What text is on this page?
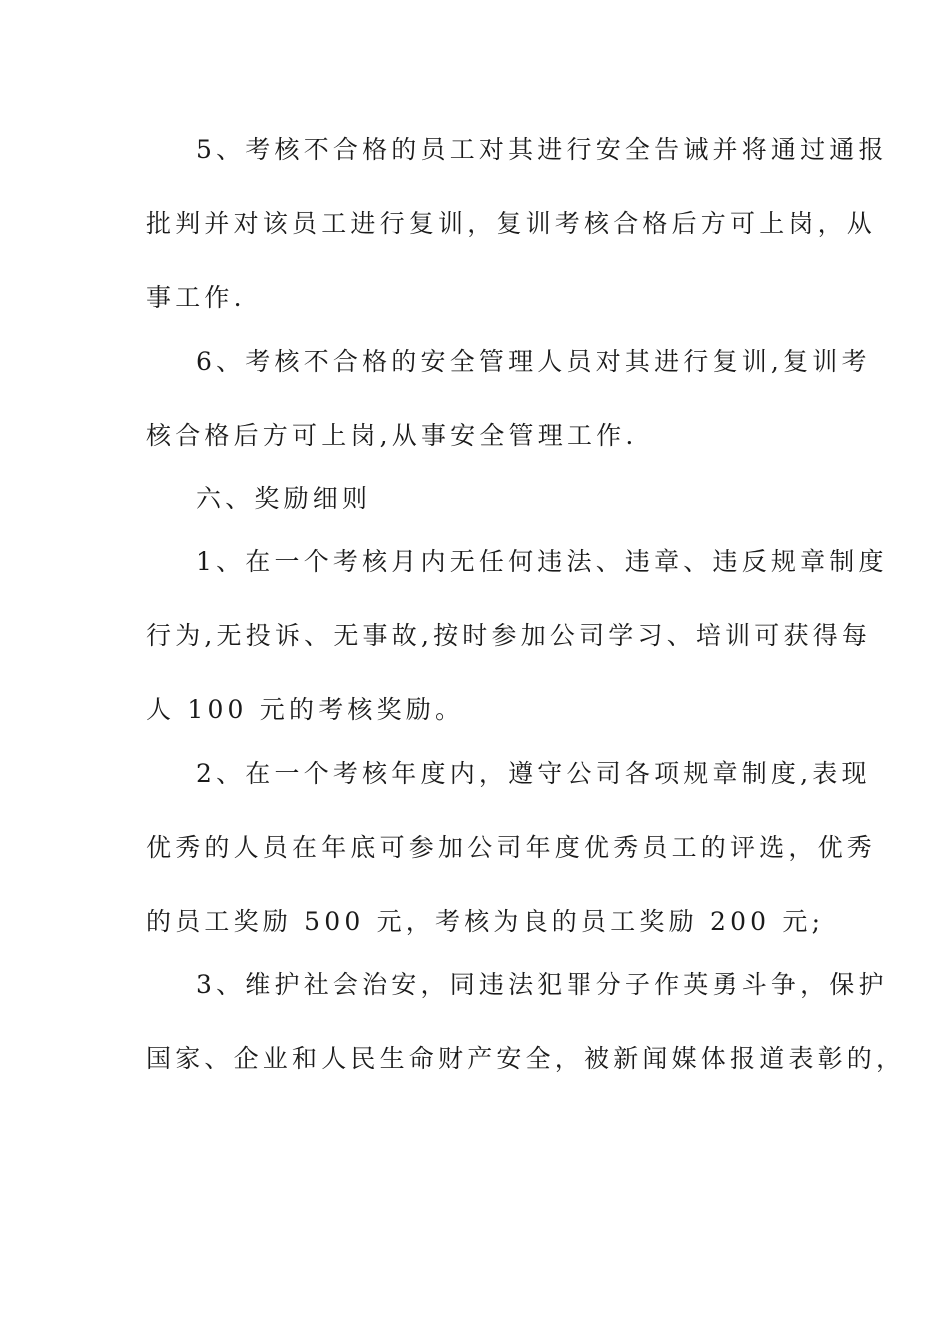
5、考核不合格的员工对其进行安全告诫并将通过通报
批判并对该员工进行复训，复训考核合格后方可上岗，从
事工作.
6、考核不合格的安全管理人员对其进行复训,复训考
核合格后方可上岗,从事安全管理工作.
六、奖励细则
1、在一个考核月内无任何违法、违章、违反规章制度
行为,无投诉、无事故,按时参加公司学习、培训可获得每
人 100 元的考核奖励。
2、在一个考核年度内，遵守公司各项规章制度,表现
优秀的人员在年底可参加公司年度优秀员工的评选，优秀
的员工奖励 500 元，考核为良的员工奖励 200 元;
3、维护社会治安，同违法犯罪分子作英勇斗争，保护
国家、企业和人民生命财产安全，被新闻媒体报道表彰的，
